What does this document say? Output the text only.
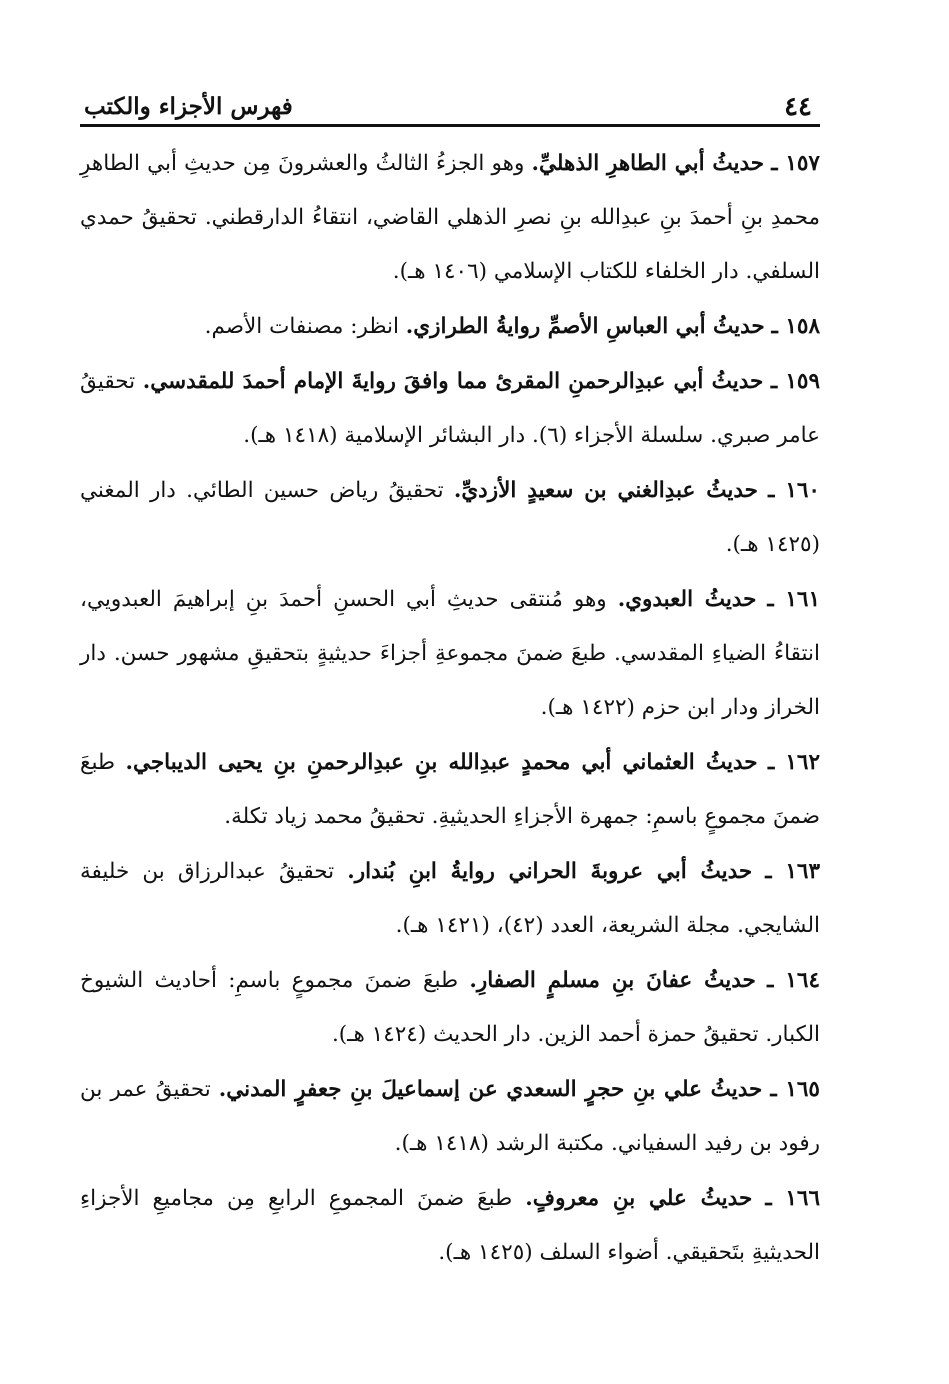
٤٤
فهرس الأجزاء والكتب

١٥٧ ـ حديثُ أبي الطاهرِ الذهليِّ. وهو الجزءُ الثالثُ والعشرونَ مِن حديثِ أبي الطاهرِ محمدِ بنِ أحمدَ بنِ عبدِالله بنِ نصرِ الذهلي القاضي، انتقاءُ الدارقطني. تحقيقُ حمدي السلفي. دار الخلفاء للكتاب الإسلامي (١٤٠٦ هـ).

١٥٨ ـ حديثُ أبي العباسِ الأصمِّ روايةُ الطرازي. انظر: مصنفات الأصم.

١٥٩ ـ حديثُ أبي عبدِالرحمنِ المقرئ مما وافقَ روايةَ الإمام أحمدَ للمقدسي. تحقيقُ عامر صبري. سلسلة الأجزاء (٦). دار البشائر الإسلامية (١٤١٨ هـ).

١٦٠ ـ حديثُ عبدِالغني بن سعيدٍ الأزديِّ. تحقيقُ رياض حسين الطائي. دار المغني (١٤٢٥ هـ).

١٦١ ـ حديثُ العبدوي. وهو مُنتقى حديثِ أبي الحسنِ أحمدَ بنِ إبراهيمَ العبدويي، انتقاءُ الضياءِ المقدسي. طبعَ ضمنَ مجموعةِ أجزاءَ حديثيةٍ بتحقيقِ مشهور حسن. دار الخراز ودار ابن حزم (١٤٢٢ هـ).

١٦٢ ـ حديثُ العثماني أبي محمدٍ عبدِالله بنِ عبدِالرحمنِ بنِ يحيى الديباجي. طبعَ ضمنَ مجموعٍ باسمِ: جمهرة الأجزاءِ الحديثيةِ. تحقيقُ محمد زياد تكلة.

١٦٣ ـ حديثُ أبي عروبةَ الحراني روايةُ ابنِ بُندار. تحقيقُ عبدالرزاق بن خليفة الشايجي. مجلة الشريعة، العدد (٤٢)، (١٤٢١ هـ).

١٦٤ ـ حديثُ عفانَ بنِ مسلمٍ الصفارِ. طبعَ ضمنَ مجموعٍ باسمِ: أحاديث الشيوخ الكبار. تحقيقُ حمزة أحمد الزين. دار الحديث (١٤٢٤ هـ).

١٦٥ ـ حديثُ علي بنِ حجرٍ السعدي عن إسماعيلَ بنِ جعفرٍ المدني. تحقيقُ عمر بن رفود بن رفيد السفياني. مكتبة الرشد (١٤١٨ هـ).

١٦٦ ـ حديثُ علي بنِ معروفٍ. طبعَ ضمنَ المجموعِ الرابعِ مِن مجاميعِ الأجزاءِ الحديثيةِ بتَحقيقي. أضواء السلف (١٤٢٥ هـ).
